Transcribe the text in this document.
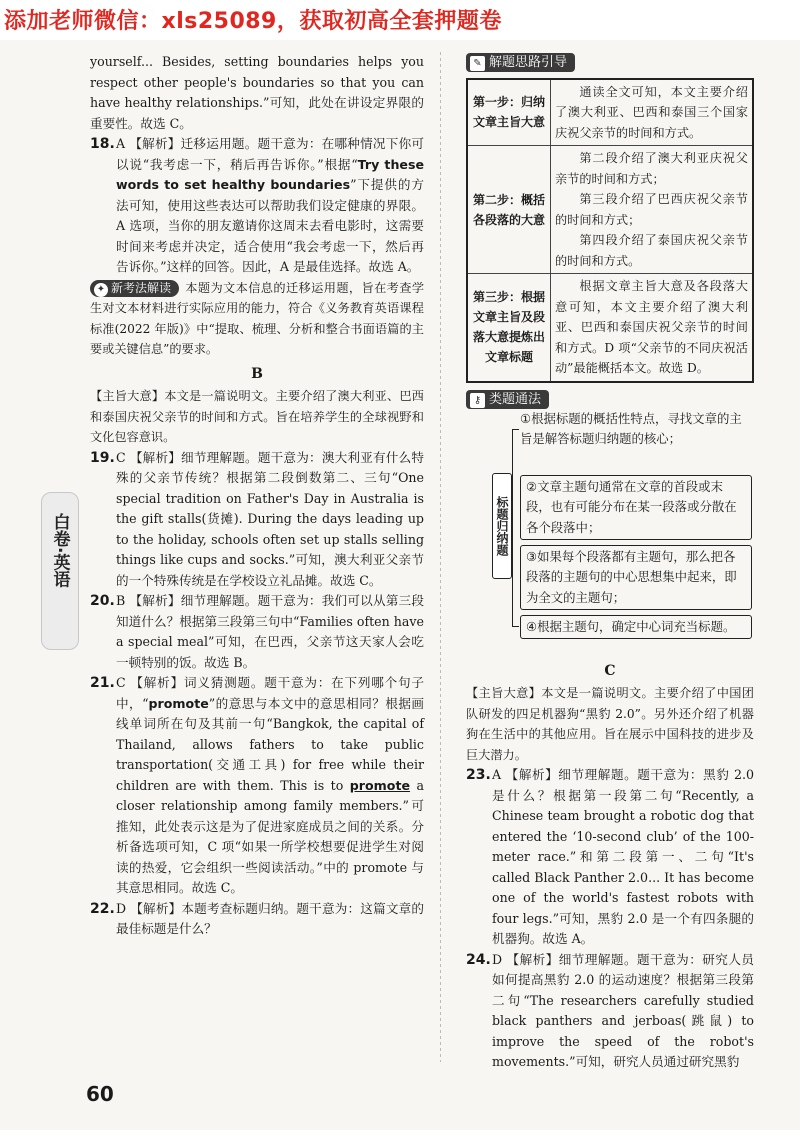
添加老师微信：xls25089，获取初高全套押题卷
白卷·英语

yourself... Besides, setting boundaries helps you respect other people's boundaries so that you can have healthy relationships.”可知，此处在讲设定界限的重要性。故选 C。

18. A 【解析】迁移运用题。题干意为：在哪种情况下你可以说“我考虑一下，稍后再告诉你。”根据“Try these words to set healthy boundaries”下提供的方法可知，使用这些表达可以帮助我们设定健康的界限。A 选项，当你的朋友邀请你这周末去看电影时，这需要时间来考虑并决定，适合使用“我会考虑一下，然后再告诉你。”这样的回答。因此，A 是最佳选择。故选 A。

✦ 新考法解读 本题为文本信息的迁移运用题，旨在考查学生对文本材料进行实际应用的能力，符合《义务教育英语课程标准(2022 年版)》中“提取、梳理、分析和整合书面语篇的主要或关键信息”的要求。

B

【主旨大意】本文是一篇说明文。主要介绍了澳大利亚、巴西和泰国庆祝父亲节的时间和方式。旨在培养学生的全球视野和文化包容意识。

19. C 【解析】细节理解题。题干意为：澳大利亚有什么特殊的父亲节传统？根据第二段倒数第二、三句“One special tradition on Father's Day in Australia is the gift stalls(货摊). During the days leading up to the holiday, schools often set up stalls selling things like cups and socks.”可知，澳大利亚父亲节的一个特殊传统是在学校设立礼品摊。故选 C。

20. B 【解析】细节理解题。题干意为：我们可以从第三段知道什么？根据第三段第三句中“Families often have a special meal”可知，在巴西，父亲节这天家人会吃一顿特别的饭。故选 B。

21. C 【解析】词义猜测题。题干意为：在下列哪个句子中，“promote”的意思与本文中的意思相同？根据画线单词所在句及其前一句“Bangkok, the capital of Thailand, allows fathers to take public transportation(交通工具) for free while their children are with them. This is to promote a closer relationship among family members.”可推知，此处表示这是为了促进家庭成员之间的关系。分析备选项可知，C 项“如果一所学校想要促进学生对阅读的热爱，它会组织一些阅读活动。”中的 promote 与其意思相同。故选 C。

22. D 【解析】本题考查标题归纳。题干意为：这篇文章的最佳标题是什么？

✎ 解题思路引导
第一步：归纳文章主旨大意	通读全文可知，本文主要介绍了澳大利亚、巴西和泰国三个国家庆祝父亲节的时间和方式。

第二步：概括各段落的大意	第二段介绍了澳大利亚庆祝父亲节的时间和方式；

第三段介绍了巴西庆祝父亲节的时间和方式；

第四段介绍了泰国庆祝父亲节的时间和方式。

第三步：根据文章主旨及段落大意提炼出文章标题	根据文章主旨大意及各段落大意可知，本文主要介绍了澳大利亚、巴西和泰国庆祝父亲节的时间和方式。D 项“父亲节的不同庆祝活动”最能概括本文。故选 D。

⚷ 类题通法
标题归纳题
①根据标题的概括性特点，寻找文章的主旨是解答标题归纳题的核心；
②文章主题句通常在文章的首段或末段，也有可能分布在某一段落或分散在各个段落中；
③如果每个段落都有主题句，那么把各段落的主题句的中心思想集中起来，即为全文的主题句；
④根据主题句，确定中心词充当标题。
C

【主旨大意】本文是一篇说明文。主要介绍了中国团队研发的四足机器狗“黑豹 2.0”。另外还介绍了机器狗在生活中的其他应用。旨在展示中国科技的进步及巨大潜力。

23. A 【解析】细节理解题。题干意为：黑豹 2.0 是什么？根据第一段第二句“Recently, a Chinese team brought a robotic dog that entered the ‘10-second club’ of the 100-meter race.”和第二段第一、二句“It's called Black Panther 2.0... It has become one of the world's fastest robots with four legs.”可知，黑豹 2.0 是一个有四条腿的机器狗。故选 A。

24. D 【解析】细节理解题。题干意为：研究人员如何提高黑豹 2.0 的运动速度？根据第三段第二句“The researchers carefully studied black panthers and jerboas(跳鼠) to improve the speed of the robot's movements.”可知，研究人员通过研究黑豹

60
